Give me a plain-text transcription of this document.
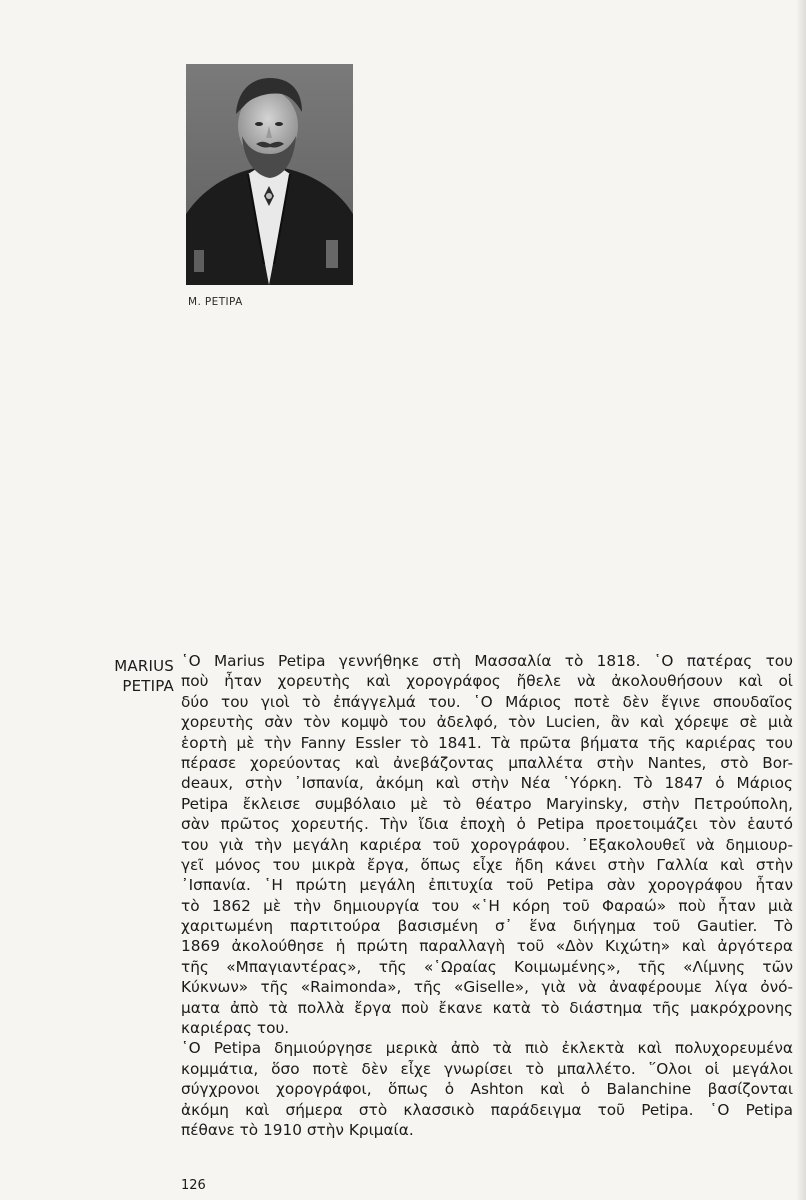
M. PETIPA
MARIUS
PETIPA
῾Ο Marius Petipa γεννήθηκε στὴ Μασσαλία τὸ 1818. ῾Ο πατέρας του
ποὺ ἦταν χορευτὴς καὶ χορογράφος ἤθελε νὰ ἀκολουθήσουν καὶ οἱ
δύο του γιοὶ τὸ ἐπάγγελμά του. ῾Ο Μάριος ποτὲ δὲν ἔγινε σπουδαῖος
χορευτὴς σὰν τὸν κομψὸ του ἀδελφό, τὸν Lucien, ἂν καὶ χόρεψε σὲ μιὰ
ἑορτὴ μὲ τὴν Fanny Essler τὸ 1841. Τὰ πρῶτα βήματα τῆς καριέρας του
πέρασε χορεύοντας καὶ ἀνεβάζοντας μπαλλέτα στὴν Nantes, στὸ Bor-
deaux, στὴν ᾿Ισπανία, ἀκόμη καὶ στὴν Νέα ῾Υόρκη. Τὸ 1847 ὁ Μάριος
Petipa ἔκλεισε συμβόλαιο μὲ τὸ θέατρο Maryinsky, στὴν Πετρούπολη,
σὰν πρῶτος χορευτής. Τὴν ἴδια ἐποχὴ ὁ Petipa προετοιμάζει τὸν ἑαυτό
του γιὰ τὴν μεγάλη καριέρα τοῦ χορογράφου. ᾿Εξακολουθεῖ νὰ δημιουρ-
γεῖ μόνος του μικρὰ ἔργα, ὅπως εἶχε ἤδη κάνει στὴν Γαλλία καὶ στὴν
᾿Ισπανία. ῾Η πρώτη μεγάλη ἐπιτυχία τοῦ Petipa σὰν χορογράφου ἦταν
τὸ 1862 μὲ τὴν δημιουργία του «῾Η κόρη τοῦ Φαραώ» ποὺ ἦταν μιὰ
χαριτωμένη παρτιτούρα βασισμένη σ᾿ ἕνα διήγημα τοῦ Gautier. Τὸ
1869 ἀκολούθησε ἡ πρώτη παραλλαγὴ τοῦ «Δὸν Κιχώτη» καὶ ἀργότερα
τῆς «Μπαγιαντέρας», τῆς «῾Ωραίας Κοιμωμένης», τῆς «Λίμνης τῶν
Κύκνων» τῆς «Raimonda», τῆς «Giselle», γιὰ νὰ ἀναφέρουμε λίγα ὀνό-
ματα ἀπὸ τὰ πολλὰ ἔργα ποὺ ἔκανε κατὰ τὸ διάστημα τῆς μακρόχρονης
καριέρας του.
῾Ο Petipa δημιούργησε μερικὰ ἀπὸ τὰ πιὸ ἐκλεκτὰ καὶ πολυχορευμένα
κομμάτια, ὅσο ποτὲ δὲν εἶχε γνωρίσει τὸ μπαλλέτο. ῞Ολοι οἱ μεγάλοι
σύγχρονοι χορογράφοι, ὅπως ὁ Ashton καὶ ὁ Balanchine βασίζονται
ἀκόμη καὶ σήμερα στὸ κλασσικὸ παράδειγμα τοῦ Petipa. ῾Ο Petipa
πέθανε τὸ 1910 στὴν Κριμαία.
126
